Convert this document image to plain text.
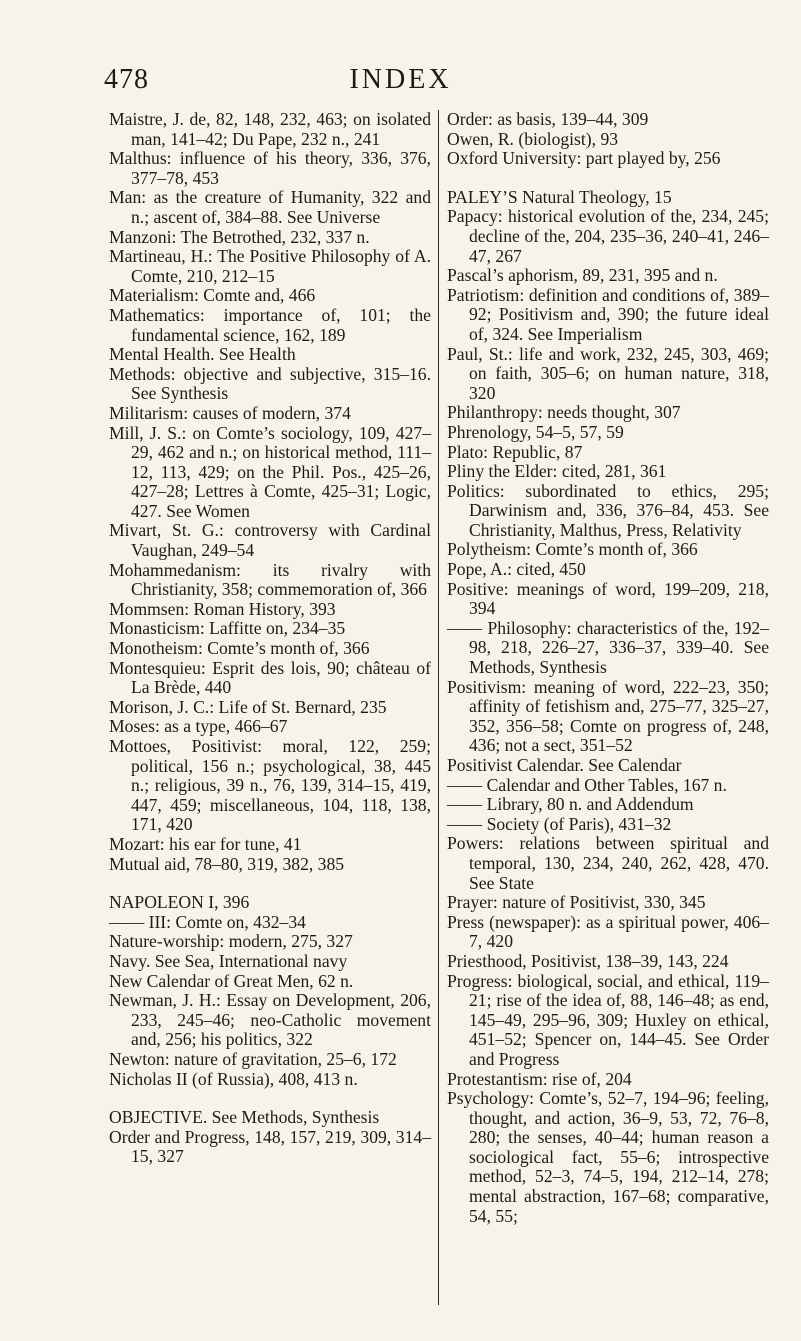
478	INDEX

Maistre, J. de, 82, 148, 232, 463; on isolated man, 141–42; Du Pape, 232 n., 241

Malthus: influence of his theory, 336, 376, 377–78, 453

Man: as the creature of Humanity, 322 and n.; ascent of, 384–88. See Universe

Manzoni: The Betrothed, 232, 337 n.

Martineau, H.: The Positive Philosophy of A. Comte, 210, 212–15

Materialism: Comte and, 466

Mathematics: importance of, 101; the fundamental science, 162, 189

Mental Health. See Health

Methods: objective and subjective, 315–16. See Synthesis

Militarism: causes of modern, 374

Mill, J. S.: on Comte’s sociology, 109, 427–29, 462 and n.; on historical method, 111–12, 113, 429; on the Phil. Pos., 425–26, 427–28; Lettres à Comte, 425–31; Logic, 427. See Women

Mivart, St. G.: controversy with Cardinal Vaughan, 249–54

Mohammedanism: its rivalry with Christianity, 358; commemoration of, 366

Mommsen: Roman History, 393

Monasticism: Laffitte on, 234–35

Monotheism: Comte’s month of, 366

Montesquieu: Esprit des lois, 90; château of La Brède, 440

Morison, J. C.: Life of St. Bernard, 235

Moses: as a type, 466–67

Mottoes, Positivist: moral, 122, 259; political, 156 n.; psychological, 38, 445 n.; religious, 39 n., 76, 139, 314–15, 419, 447, 459; miscellaneous, 104, 118, 138, 171, 420

Mozart: his ear for tune, 41

Mutual aid, 78–80, 319, 382, 385

NAPOLEON I, 396

—— III: Comte on, 432–34

Nature-worship: modern, 275, 327

Navy. See Sea, International navy

New Calendar of Great Men, 62 n.

Newman, J. H.: Essay on Development, 206, 233, 245–46; neo-Catholic movement and, 256; his politics, 322

Newton: nature of gravitation, 25–6, 172

Nicholas II (of Russia), 408, 413 n.

OBJECTIVE. See Methods, Synthesis

Order and Progress, 148, 157, 219, 309, 314–15, 327

Order: as basis, 139–44, 309

Owen, R. (biologist), 93

Oxford University: part played by, 256

PALEY’S Natural Theology, 15

Papacy: historical evolution of the, 234, 245; decline of the, 204, 235–36, 240–41, 246–47, 267

Pascal’s aphorism, 89, 231, 395 and n.

Patriotism: definition and conditions of, 389–92; Positivism and, 390; the future ideal of, 324. See Imperialism

Paul, St.: life and work, 232, 245, 303, 469; on faith, 305–6; on human nature, 318, 320

Philanthropy: needs thought, 307

Phrenology, 54–5, 57, 59

Plato: Republic, 87

Pliny the Elder: cited, 281, 361

Politics: subordinated to ethics, 295; Darwinism and, 336, 376–84, 453. See Christianity, Malthus, Press, Relativity

Polytheism: Comte’s month of, 366

Pope, A.: cited, 450

Positive: meanings of word, 199–209, 218, 394

—— Philosophy: characteristics of the, 192–98, 218, 226–27, 336–37, 339–40. See Methods, Synthesis

Positivism: meaning of word, 222–23, 350; affinity of fetishism and, 275–77, 325–27, 352, 356–58; Comte on progress of, 248, 436; not a sect, 351–52

Positivist Calendar. See Calendar

—— Calendar and Other Tables, 167 n.

—— Library, 80 n. and Addendum

—— Society (of Paris), 431–32

Powers: relations between spiritual and temporal, 130, 234, 240, 262, 428, 470. See State

Prayer: nature of Positivist, 330, 345

Press (newspaper): as a spiritual power, 406–7, 420

Priesthood, Positivist, 138–39, 143, 224

Progress: biological, social, and ethical, 119–21; rise of the idea of, 88, 146–48; as end, 145–49, 295–96, 309; Huxley on ethical, 451–52; Spencer on, 144–45. See Order and Progress

Protestantism: rise of, 204

Psychology: Comte’s, 52–7, 194–96; feeling, thought, and action, 36–9, 53, 72, 76–8, 280; the senses, 40–44; human reason a sociological fact, 55–6; introspective method, 52–3, 74–5, 194, 212–14, 278; mental abstraction, 167–68; comparative, 54, 55;
